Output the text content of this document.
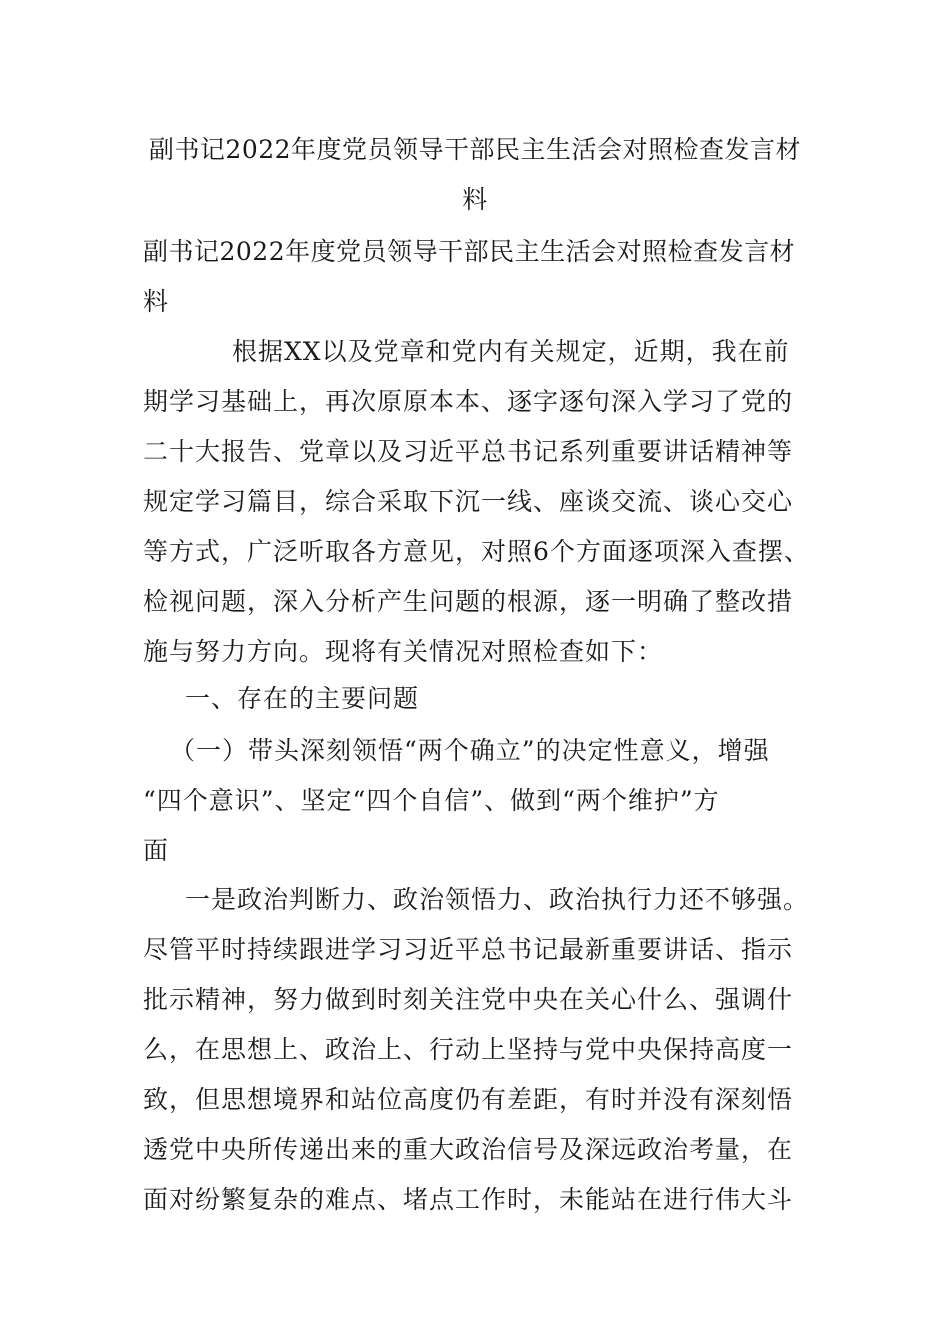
副书记2022年度党员领导干部民主生活会对照检查发言材
料
副书记2022年度党员领导干部民主生活会对照检查发言材
料
根据XX以及党章和党内有关规定，近期，我在前
期学习基础上，再次原原本本、逐字逐句深入学习了党的
二十大报告、党章以及习近平总书记系列重要讲话精神等
规定学习篇目，综合采取下沉一线、座谈交流、谈心交心
等方式，广泛听取各方意见，对照6个方面逐项深入查摆、
检视问题，深入分析产生问题的根源，逐一明确了整改措
施与努力方向。现将有关情况对照检查如下：
一、存在的主要问题
（一）带头深刻领悟“两个确立”的决定性意义，增强
“四个意识”、坚定“四个自信”、做到“两个维护”方
面
一是政治判断力、政治领悟力、政治执行力还不够强。
尽管平时持续跟进学习习近平总书记最新重要讲话、指示
批示精神，努力做到时刻关注党中央在关心什么、强调什
么，在思想上、政治上、行动上坚持与党中央保持高度一
致，但思想境界和站位高度仍有差距，有时并没有深刻悟
透党中央所传递出来的重大政治信号及深远政治考量，在
面对纷繁复杂的难点、堵点工作时，未能站在进行伟大斗
